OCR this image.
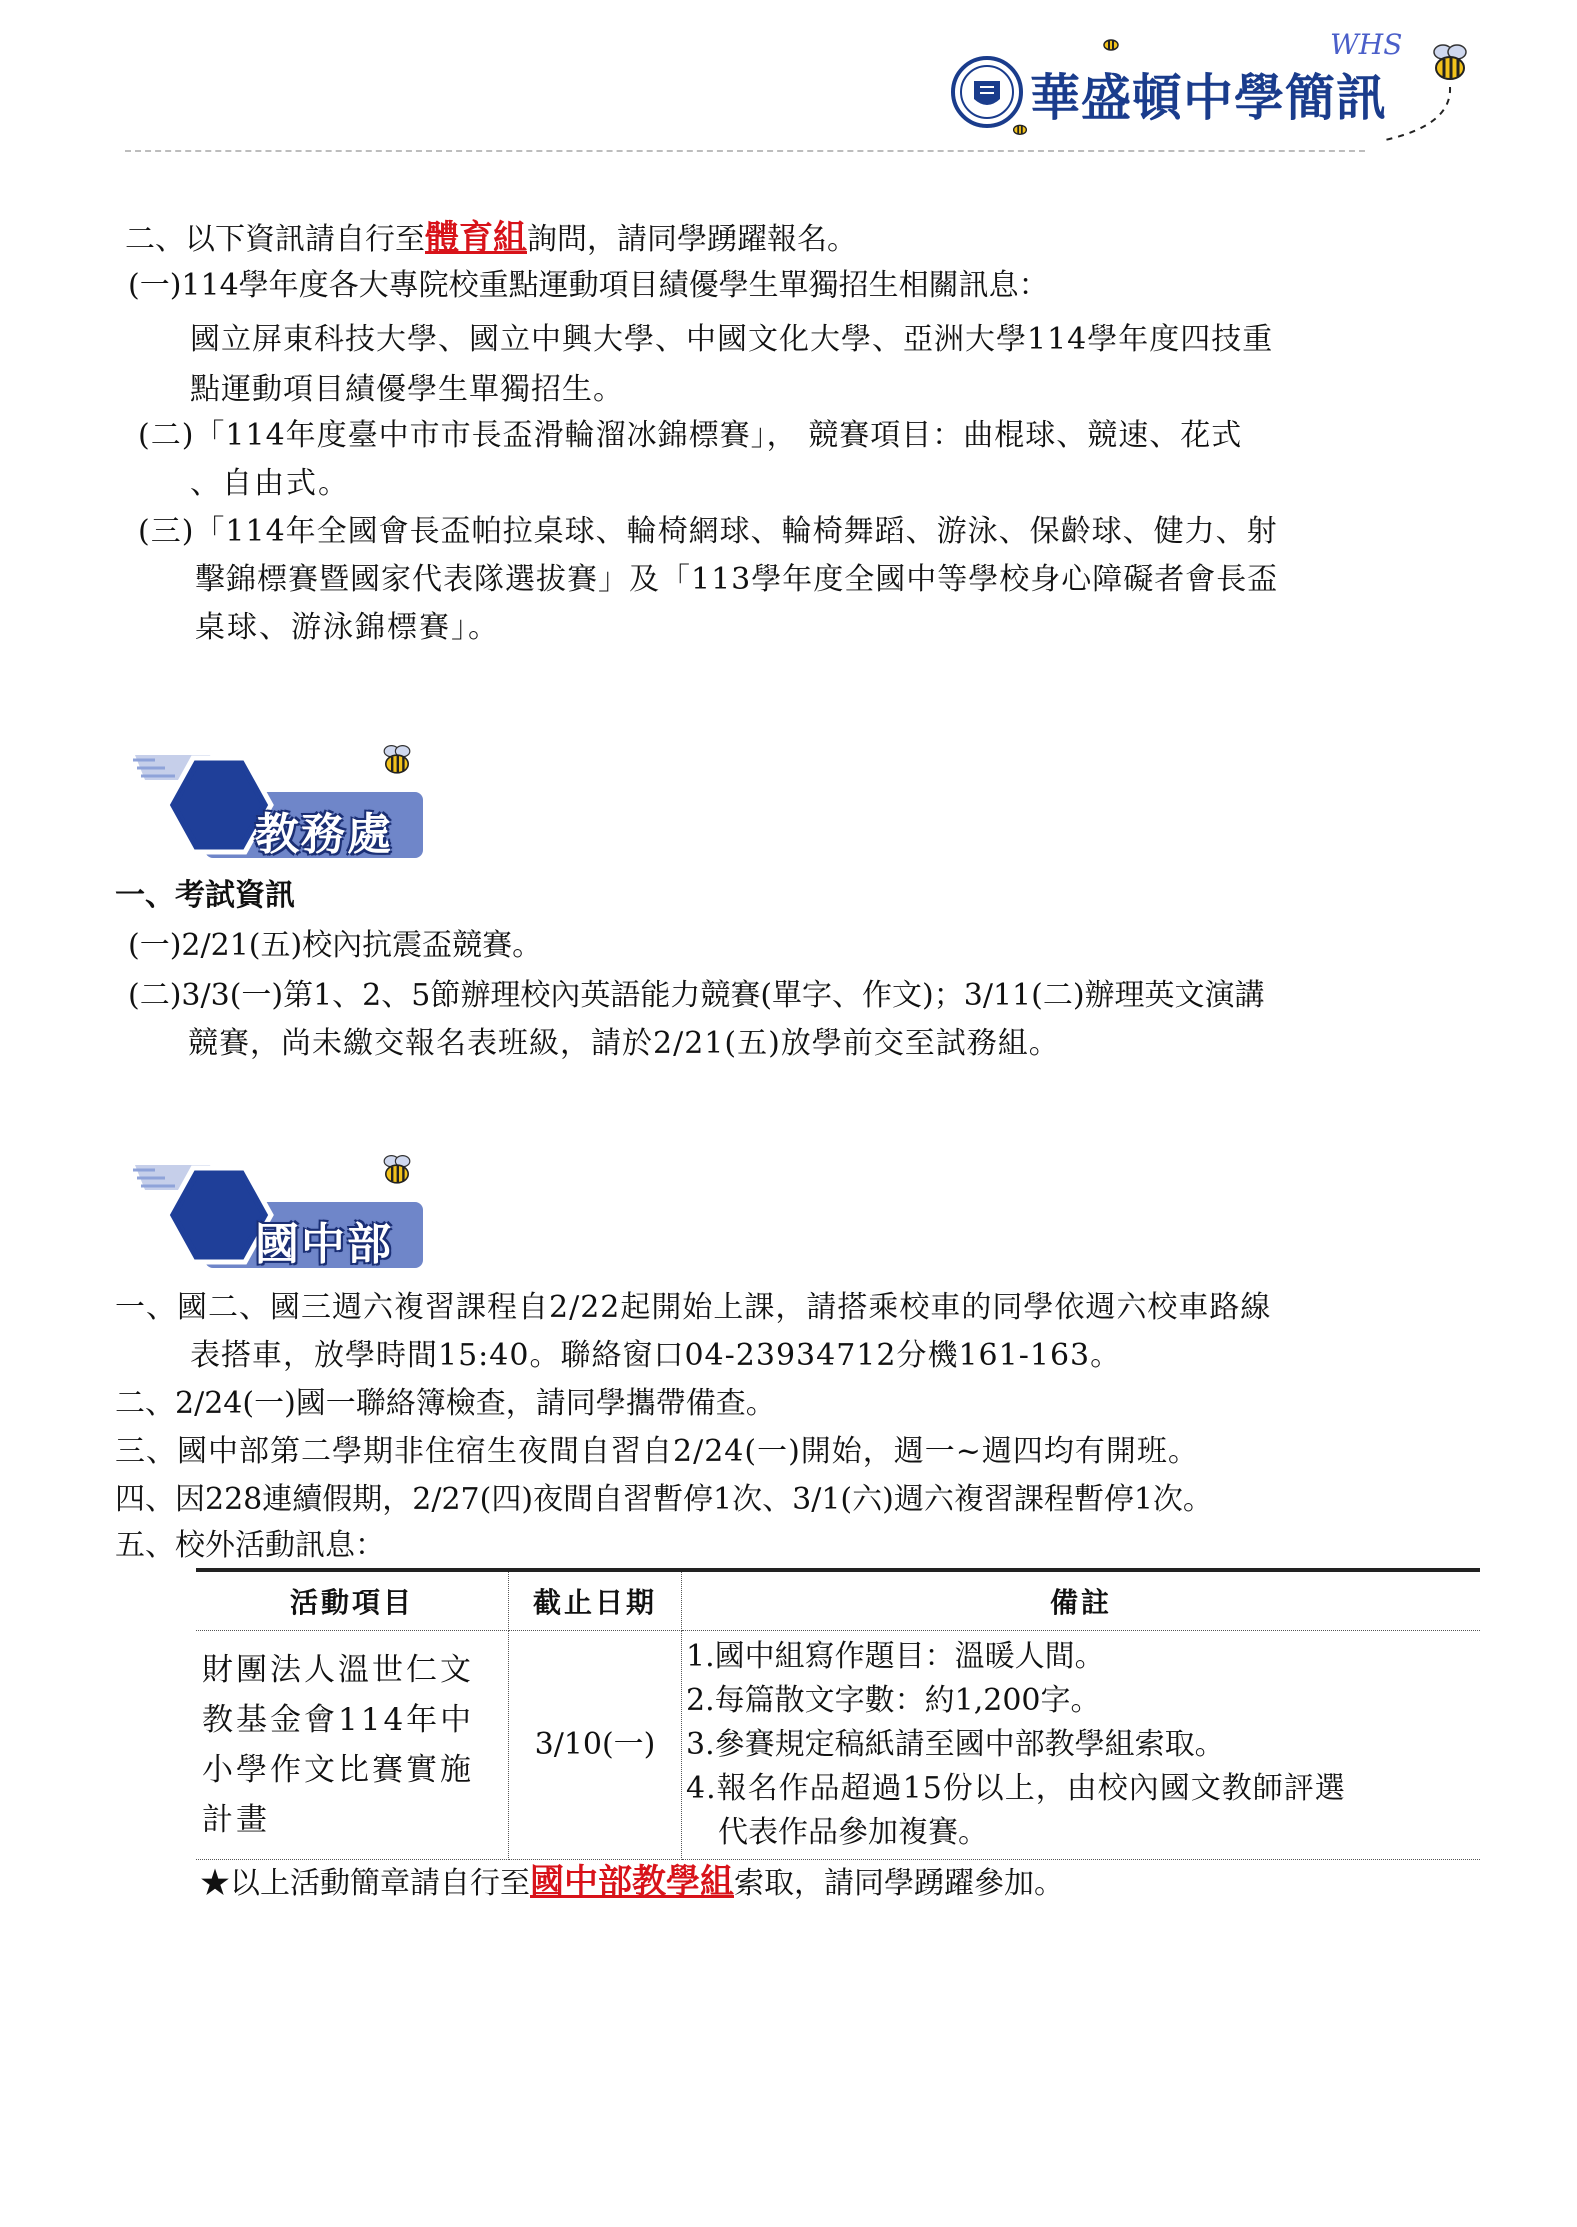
華盛頓中學簡訊
WHS
二、以下資訊請自行至體育組詢問，請同學踴躍報名。
(一)114學年度各大專院校重點運動項目績優學生單獨招生相關訊息：
國立屏東科技大學、國立中興大學、中國文化大學、亞洲大學114學年度四技重
點運動項目績優學生單獨招生。
(二)「114年度臺中市市長盃滑輪溜冰錦標賽」， 競賽項目：曲棍球、競速、花式
、自由式。
(三)「114年全國會長盃帕拉桌球、輪椅網球、輪椅舞蹈、游泳、保齡球、健力、射
擊錦標賽暨國家代表隊選拔賽」及「113學年度全國中等學校身心障礙者會長盃
桌球、游泳錦標賽」。
教務處
一、考試資訊
(一)2/21(五)校內抗震盃競賽。
(二)3/3(一)第1、2、5節辦理校內英語能力競賽(單字、作文)；3/11(二)辦理英文演講
競賽，尚未繳交報名表班級，請於2/21(五)放學前交至試務組。
國中部
一、國二、國三週六複習課程自2/22起開始上課，請搭乘校車的同學依週六校車路線
表搭車，放學時間15:40。聯絡窗口04-23934712分機161-163。
二、2/24(一)國一聯絡簿檢查，請同學攜帶備查。
三、國中部第二學期非住宿生夜間自習自2/24(一)開始，週一~週四均有開班。
四、因228連續假期，2/27(四)夜間自習暫停1次、3/1(六)週六複習課程暫停1次。
五、校外活動訊息：
活動項目	截止日期	備註
財團法人溫世仁文教基金會114年中小學作文比賽實施計畫	3/10(一)	1.國中組寫作題目：溫暖人間。
2.每篇散文字數：約1,200字。
3.參賽規定稿紙請至國中部教學組索取。
4.報名作品超過15份以上，由校內國文教師評選
代表作品參加複賽。
★以上活動簡章請自行至國中部教學組索取，請同學踴躍參加。
